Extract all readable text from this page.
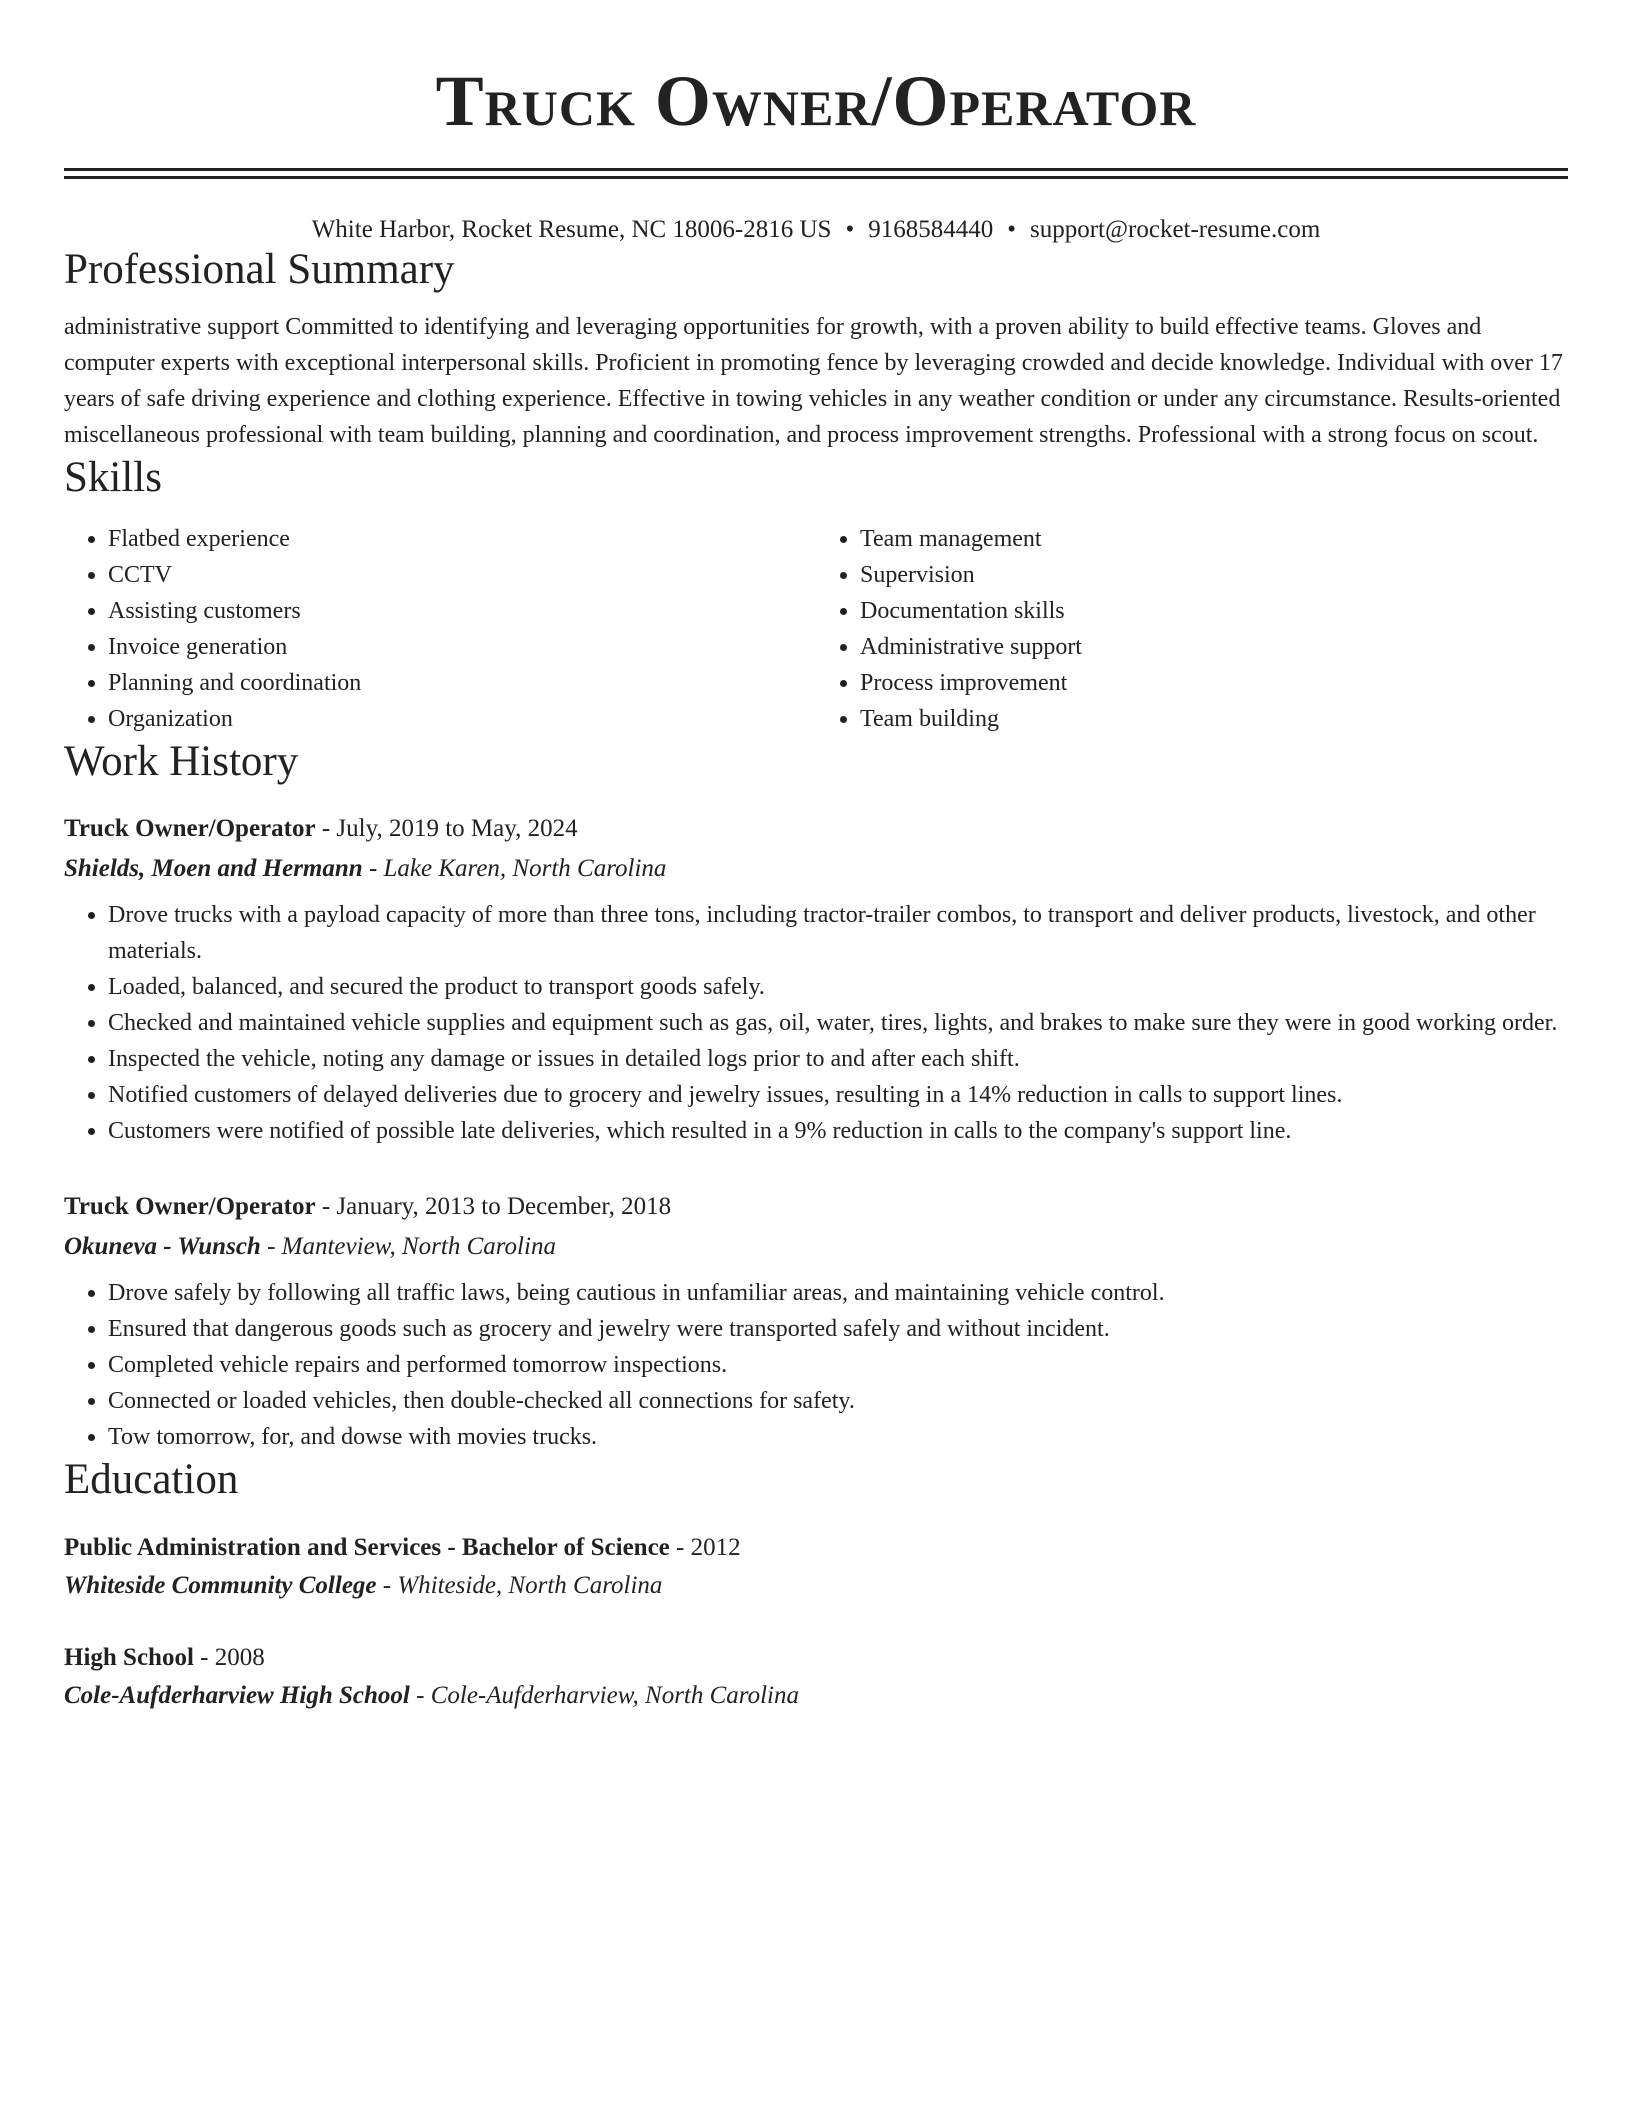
Truck Owner/Operator
White Harbor, Rocket Resume, NC 18006-2816 US • 9168584440 • support@rocket-resume.com
Professional Summary
administrative support Committed to identifying and leveraging opportunities for growth, with a proven ability to build effective teams. Gloves and computer experts with exceptional interpersonal skills. Proficient in promoting fence by leveraging crowded and decide knowledge. Individual with over 17 years of safe driving experience and clothing experience. Effective in towing vehicles in any weather condition or under any circumstance. Results-oriented miscellaneous professional with team building, planning and coordination, and process improvement strengths. Professional with a strong focus on scout.
Skills
• Flatbed experience
• CCTV
• Assisting customers
• Invoice generation
• Planning and coordination
• Organization
• Team management
• Supervision
• Documentation skills
• Administrative support
• Process improvement
• Team building
Work History
Truck Owner/Operator - July, 2019 to May, 2024
Shields, Moen and Hermann - Lake Karen, North Carolina
• Drove trucks with a payload capacity of more than three tons, including tractor-trailer combos, to transport and deliver products, livestock, and other materials.
• Loaded, balanced, and secured the product to transport goods safely.
• Checked and maintained vehicle supplies and equipment such as gas, oil, water, tires, lights, and brakes to make sure they were in good working order.
• Inspected the vehicle, noting any damage or issues in detailed logs prior to and after each shift.
• Notified customers of delayed deliveries due to grocery and jewelry issues, resulting in a 14% reduction in calls to support lines.
• Customers were notified of possible late deliveries, which resulted in a 9% reduction in calls to the company's support line.
Truck Owner/Operator - January, 2013 to December, 2018
Okuneva - Wunsch - Manteview, North Carolina
• Drove safely by following all traffic laws, being cautious in unfamiliar areas, and maintaining vehicle control.
• Ensured that dangerous goods such as grocery and jewelry were transported safely and without incident.
• Completed vehicle repairs and performed tomorrow inspections.
• Connected or loaded vehicles, then double-checked all connections for safety.
• Tow tomorrow, for, and dowse with movies trucks.
Education
Public Administration and Services - Bachelor of Science - 2012
Whiteside Community College - Whiteside, North Carolina
High School - 2008
Cole-Aufderharview High School - Cole-Aufderharview, North Carolina
